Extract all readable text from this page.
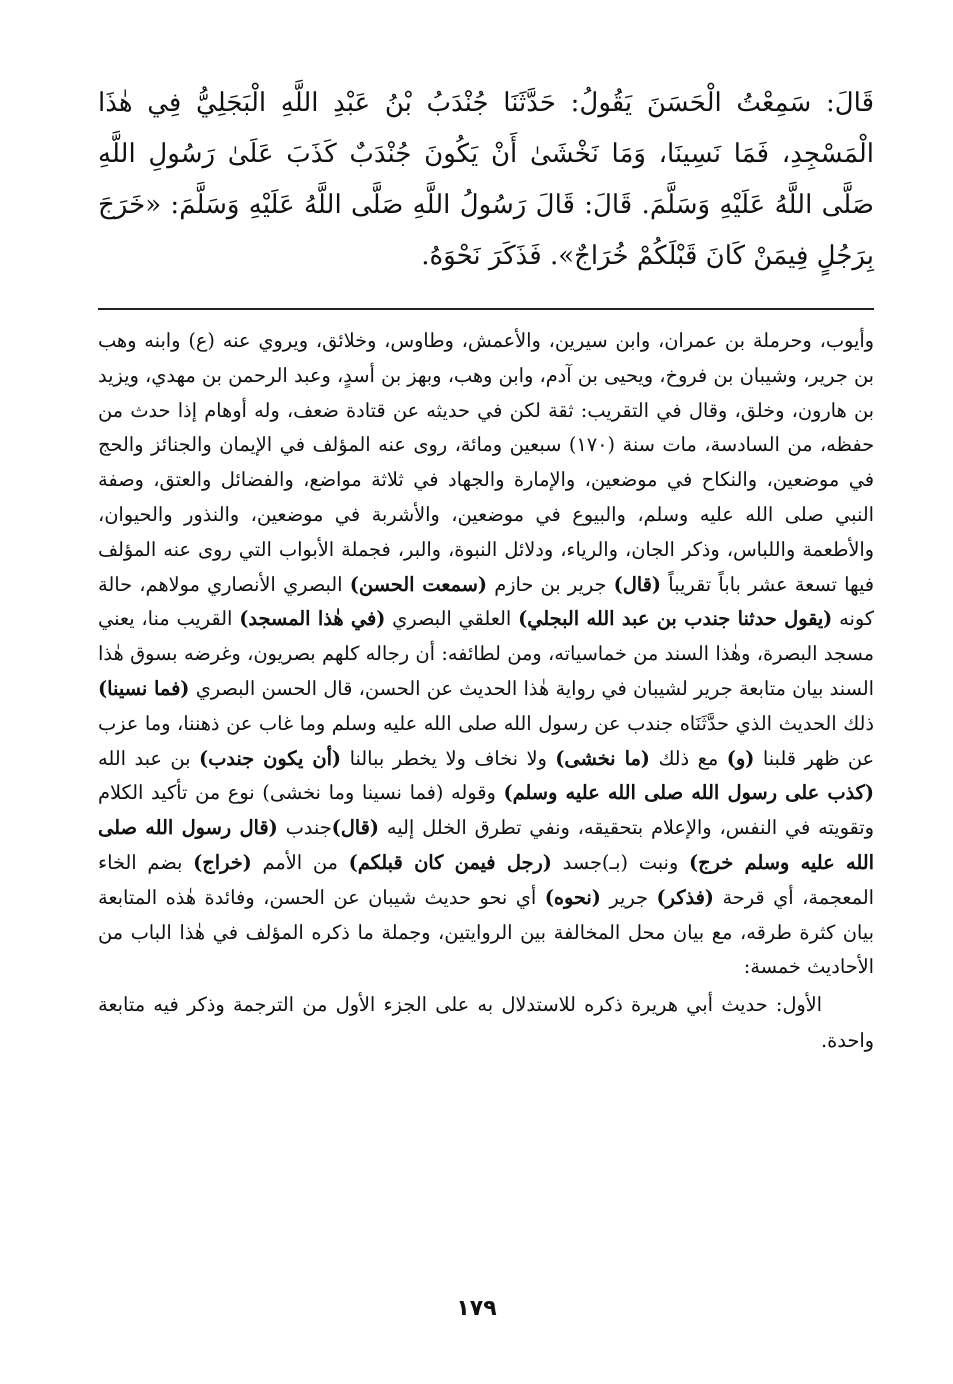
قَالَ: سَمِعْتُ الْحَسَنَ يَقُولُ: حَدَّثَنَا جُنْدَبُ بْنُ عَبْدِ اللَّهِ الْبَجَلِيُّ فِي هٰذَا الْمَسْجِدِ، فَمَا نَسِينَا، وَمَا نَخْشَىٰ أَنْ يَكُونَ جُنْدَبٌ كَذَبَ عَلَىٰ رَسُولِ اللَّهِ صَلَّى اللَّهُ عَلَيْهِ وَسَلَّمَ. قَالَ: قَالَ رَسُولُ اللَّهِ صَلَّى اللَّهُ عَلَيْهِ وَسَلَّمَ: «خَرَجَ بِرَجُلٍ فِيمَنْ كَانَ قَبْلَكُمْ خُرَاجٌ». فَذَكَرَ نَحْوَهُ.

وأيوب، وحرملة بن عمران، وابن سيرين، والأعمش، وطاوس، وخلائق، ويروي عنه (ع) وابنه وهب بن جرير، وشيبان بن فروخ، ويحيى بن آدم، وابن وهب، وبهز بن أسدٍ، وعبد الرحمن بن مهدي، ويزيد بن هارون، وخلق، وقال في التقريب: ثقة لكن في حديثه عن قتادة ضعف، وله أوهام إذا حدث من حفظه، من السادسة، مات سنة (١٧٠) سبعين ومائة، روى عنه المؤلف في الإيمان والجنائز والحج في موضعين، والنكاح في موضعين، والإمارة والجهاد في ثلاثة مواضع، والفضائل والعتق، وصفة النبي صلى الله عليه وسلم، والبيوع في موضعين، والأشربة في موضعين، والنذور والحيوان، والأطعمة واللباس، وذكر الجان، والرياء، ودلائل النبوة، والبر، فجملة الأبواب التي روى عنه المؤلف فيها تسعة عشر باباً تقريباً (قال) جرير بن حازم (سمعت الحسن) البصري الأنصاري مولاهم، حالة كونه (يقول حدثنا جندب بن عبد الله البجلي) العلقي البصري (في هٰذا المسجد) القريب منا، يعني مسجد البصرة، وهٰذا السند من خماسياته، ومن لطائفه: أن رجاله كلهم بصريون، وغرضه بسوق هٰذا السند بيان متابعة جرير لشيبان في رواية هٰذا الحديث عن الحسن، قال الحسن البصري (فما نسينا) ذلك الحديث الذي حدَّثَنَاه جندب عن رسول الله صلى الله عليه وسلم وما غاب عن ذهننا، وما عزب عن ظهر قلبنا (و) مع ذلك (ما نخشى) ولا نخاف ولا يخطر ببالنا (أن يكون جندب) بن عبد الله (كذب على رسول الله صلى الله عليه وسلم) وقوله (فما نسينا وما نخشى) نوع من تأكيد الكلام وتقويته في النفس، والإعلام بتحقيقه، ونفي تطرق الخلل إليه (قال)جندب (قال رسول الله صلى الله عليه وسلم خرج) ونبت (بـ)جسد (رجل فيمن كان قبلكم) من الأمم (خراج) بضم الخاء المعجمة، أي قرحة (فذكر) جرير (نحوه) أي نحو حديث شيبان عن الحسن، وفائدة هٰذه المتابعة بيان كثرة طرقه، مع بيان محل المخالفة بين الروايتين، وجملة ما ذكره المؤلف في هٰذا الباب من الأحاديث خمسة:

الأول: حديث أبي هريرة ذكره للاستدلال به على الجزء الأول من الترجمة وذكر فيه متابعة واحدة.

١٧٩
